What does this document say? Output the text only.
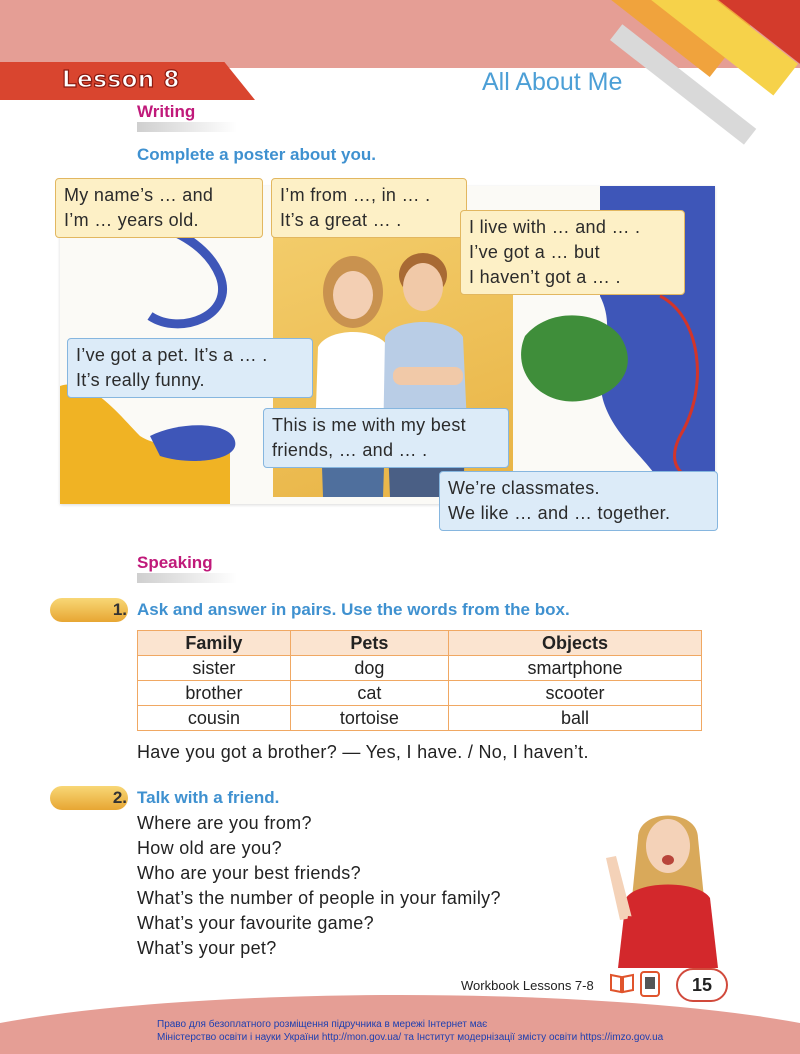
Lesson 8	All About Me
Writing
Complete a poster about you.
My name’s … and
I’m … years old.
I’m from …, in … .
It’s a great … .	I live with … and … .
I’ve got a … but
I haven’t got a … .
I’ve got a pet. It’s a … .
It’s really funny.
This is me with my best
friends, … and … .
We’re classmates.
We like … and … together.
Speaking
1. Ask and answer in pairs. Use the words from the box.
Family	Pets	Objects
sister	dog	smartphone
brother	cat	scooter
cousin	tortoise	ball
Have you got a brother? — Yes, I have. / No, I haven’t.
2. Talk with a friend.
Where are you from?
How old are you?
Who are your best friends?
What’s the number of people in your family?
What’s your favourite game?
What’s your pet?
Workbook Lessons 7-8	15
Право для безоплатного розміщення підручника в мережі Інтернет має
Міністерство освіти і науки України http://mon.gov.ua/ та Інститут модернізації змісту освіти https://imzo.gov.ua
